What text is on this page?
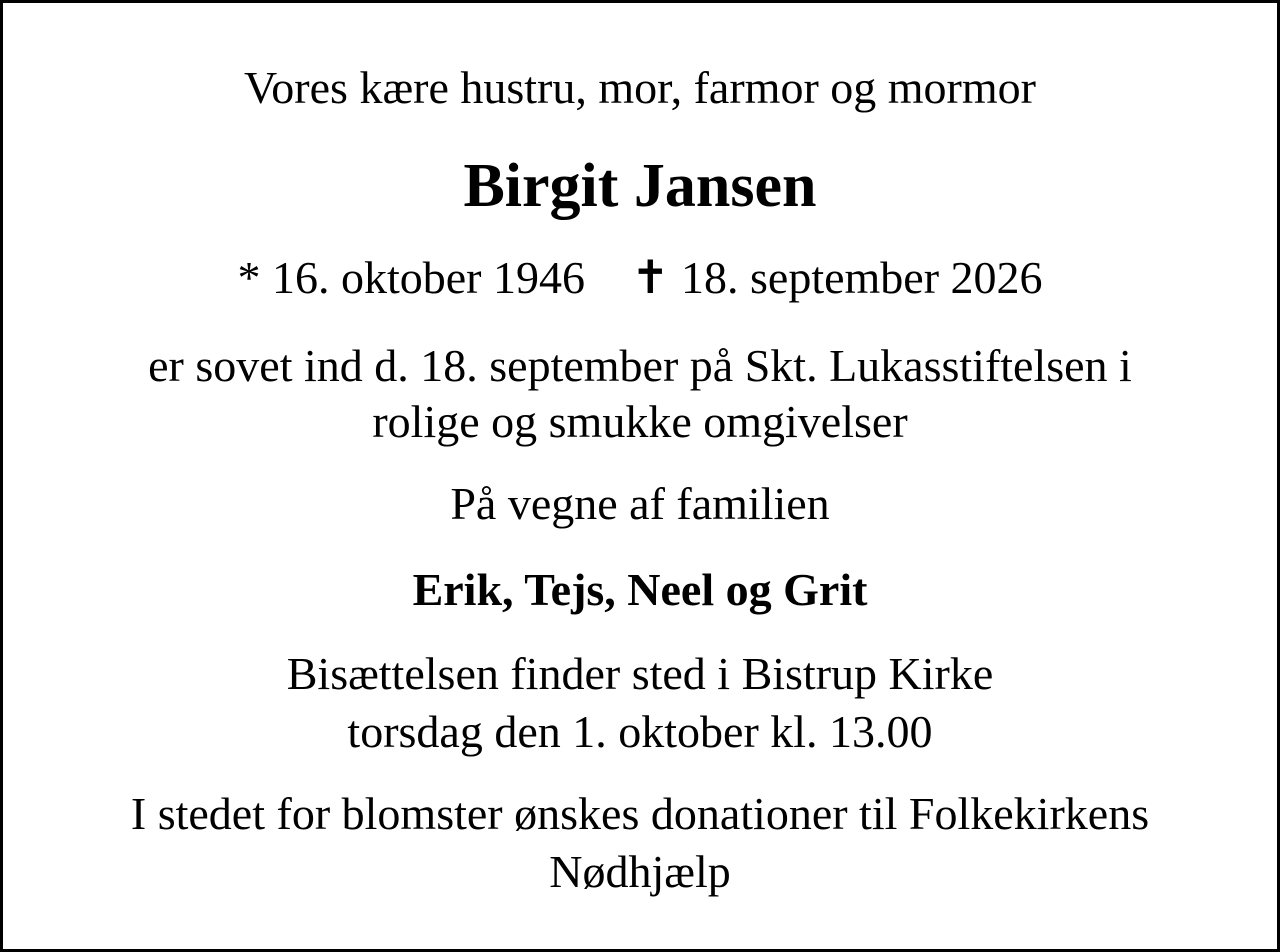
Vores kære hustru, mor, farmor og mormor
Birgit Jansen
* 16. oktober 1946 ✝ 18. september 2026
er sovet ind d. 18. september på Skt. Lukasstiftelsen i
rolige og smukke omgivelser
På vegne af familien
Erik, Tejs, Neel og Grit
Bisættelsen finder sted i Bistrup Kirke
torsdag den 1. oktober kl. 13.00
I stedet for blomster ønskes donationer til Folkekirkens
Nødhjælp
